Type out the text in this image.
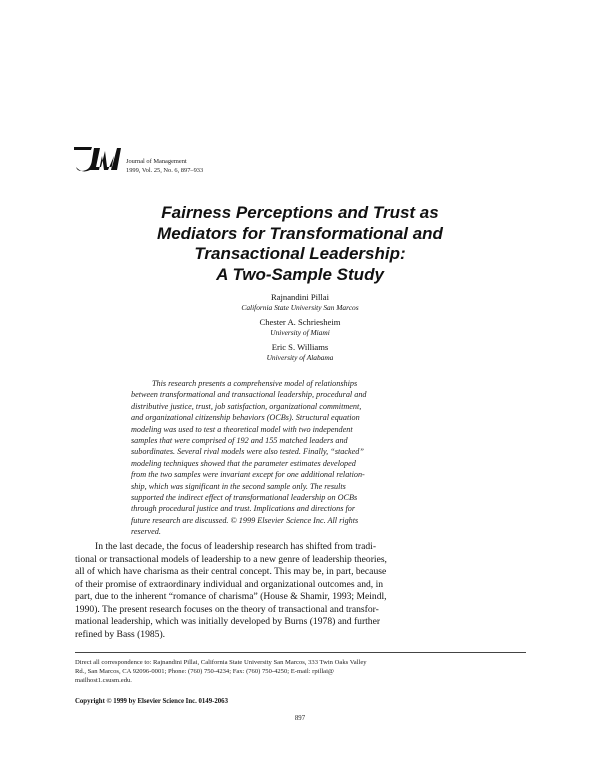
Journal of Management
1999, Vol. 25, No. 6, 897–933
Fairness Perceptions and Trust as
Mediators for Transformational and
Transactional Leadership:
A Two-Sample Study
Rajnandini Pillai
California State University San Marcos
Chester A. Schriesheim
University of Miami
Eric S. Williams
University of Alabama
This research presents a comprehensive model of relationships
between transformational and transactional leadership, procedural and
distributive justice, trust, job satisfaction, organizational commitment,
and organizational citizenship behaviors (OCBs). Structural equation
modeling was used to test a theoretical model with two independent
samples that were comprised of 192 and 155 matched leaders and
subordinates. Several rival models were also tested. Finally, “stacked”
modeling techniques showed that the parameter estimates developed
from the two samples were invariant except for one additional relation-
ship, which was significant in the second sample only. The results
supported the indirect effect of transformational leadership on OCBs
through procedural justice and trust. Implications and directions for
future research are discussed. © 1999 Elsevier Science Inc. All rights
reserved.
In the last decade, the focus of leadership research has shifted from tradi-
tional or transactional models of leadership to a new genre of leadership theories,
all of which have charisma as their central concept. This may be, in part, because
of their promise of extraordinary individual and organizational outcomes and, in
part, due to the inherent “romance of charisma” (House & Shamir, 1993; Meindl,
1990). The present research focuses on the theory of transactional and transfor-
mational leadership, which was initially developed by Burns (1978) and further
refined by Bass (1985).
Direct all correspondence to: Rajnandini Pillai, California State University San Marcos, 333 Twin Oaks Valley
Rd., San Marcos, CA 92096-0001; Phone: (760) 750-4234; Fax: (760) 750-4250; E-mail: rpillai@
mailhost1.csusm.edu.
Copyright © 1999 by Elsevier Science Inc. 0149-2063
897
